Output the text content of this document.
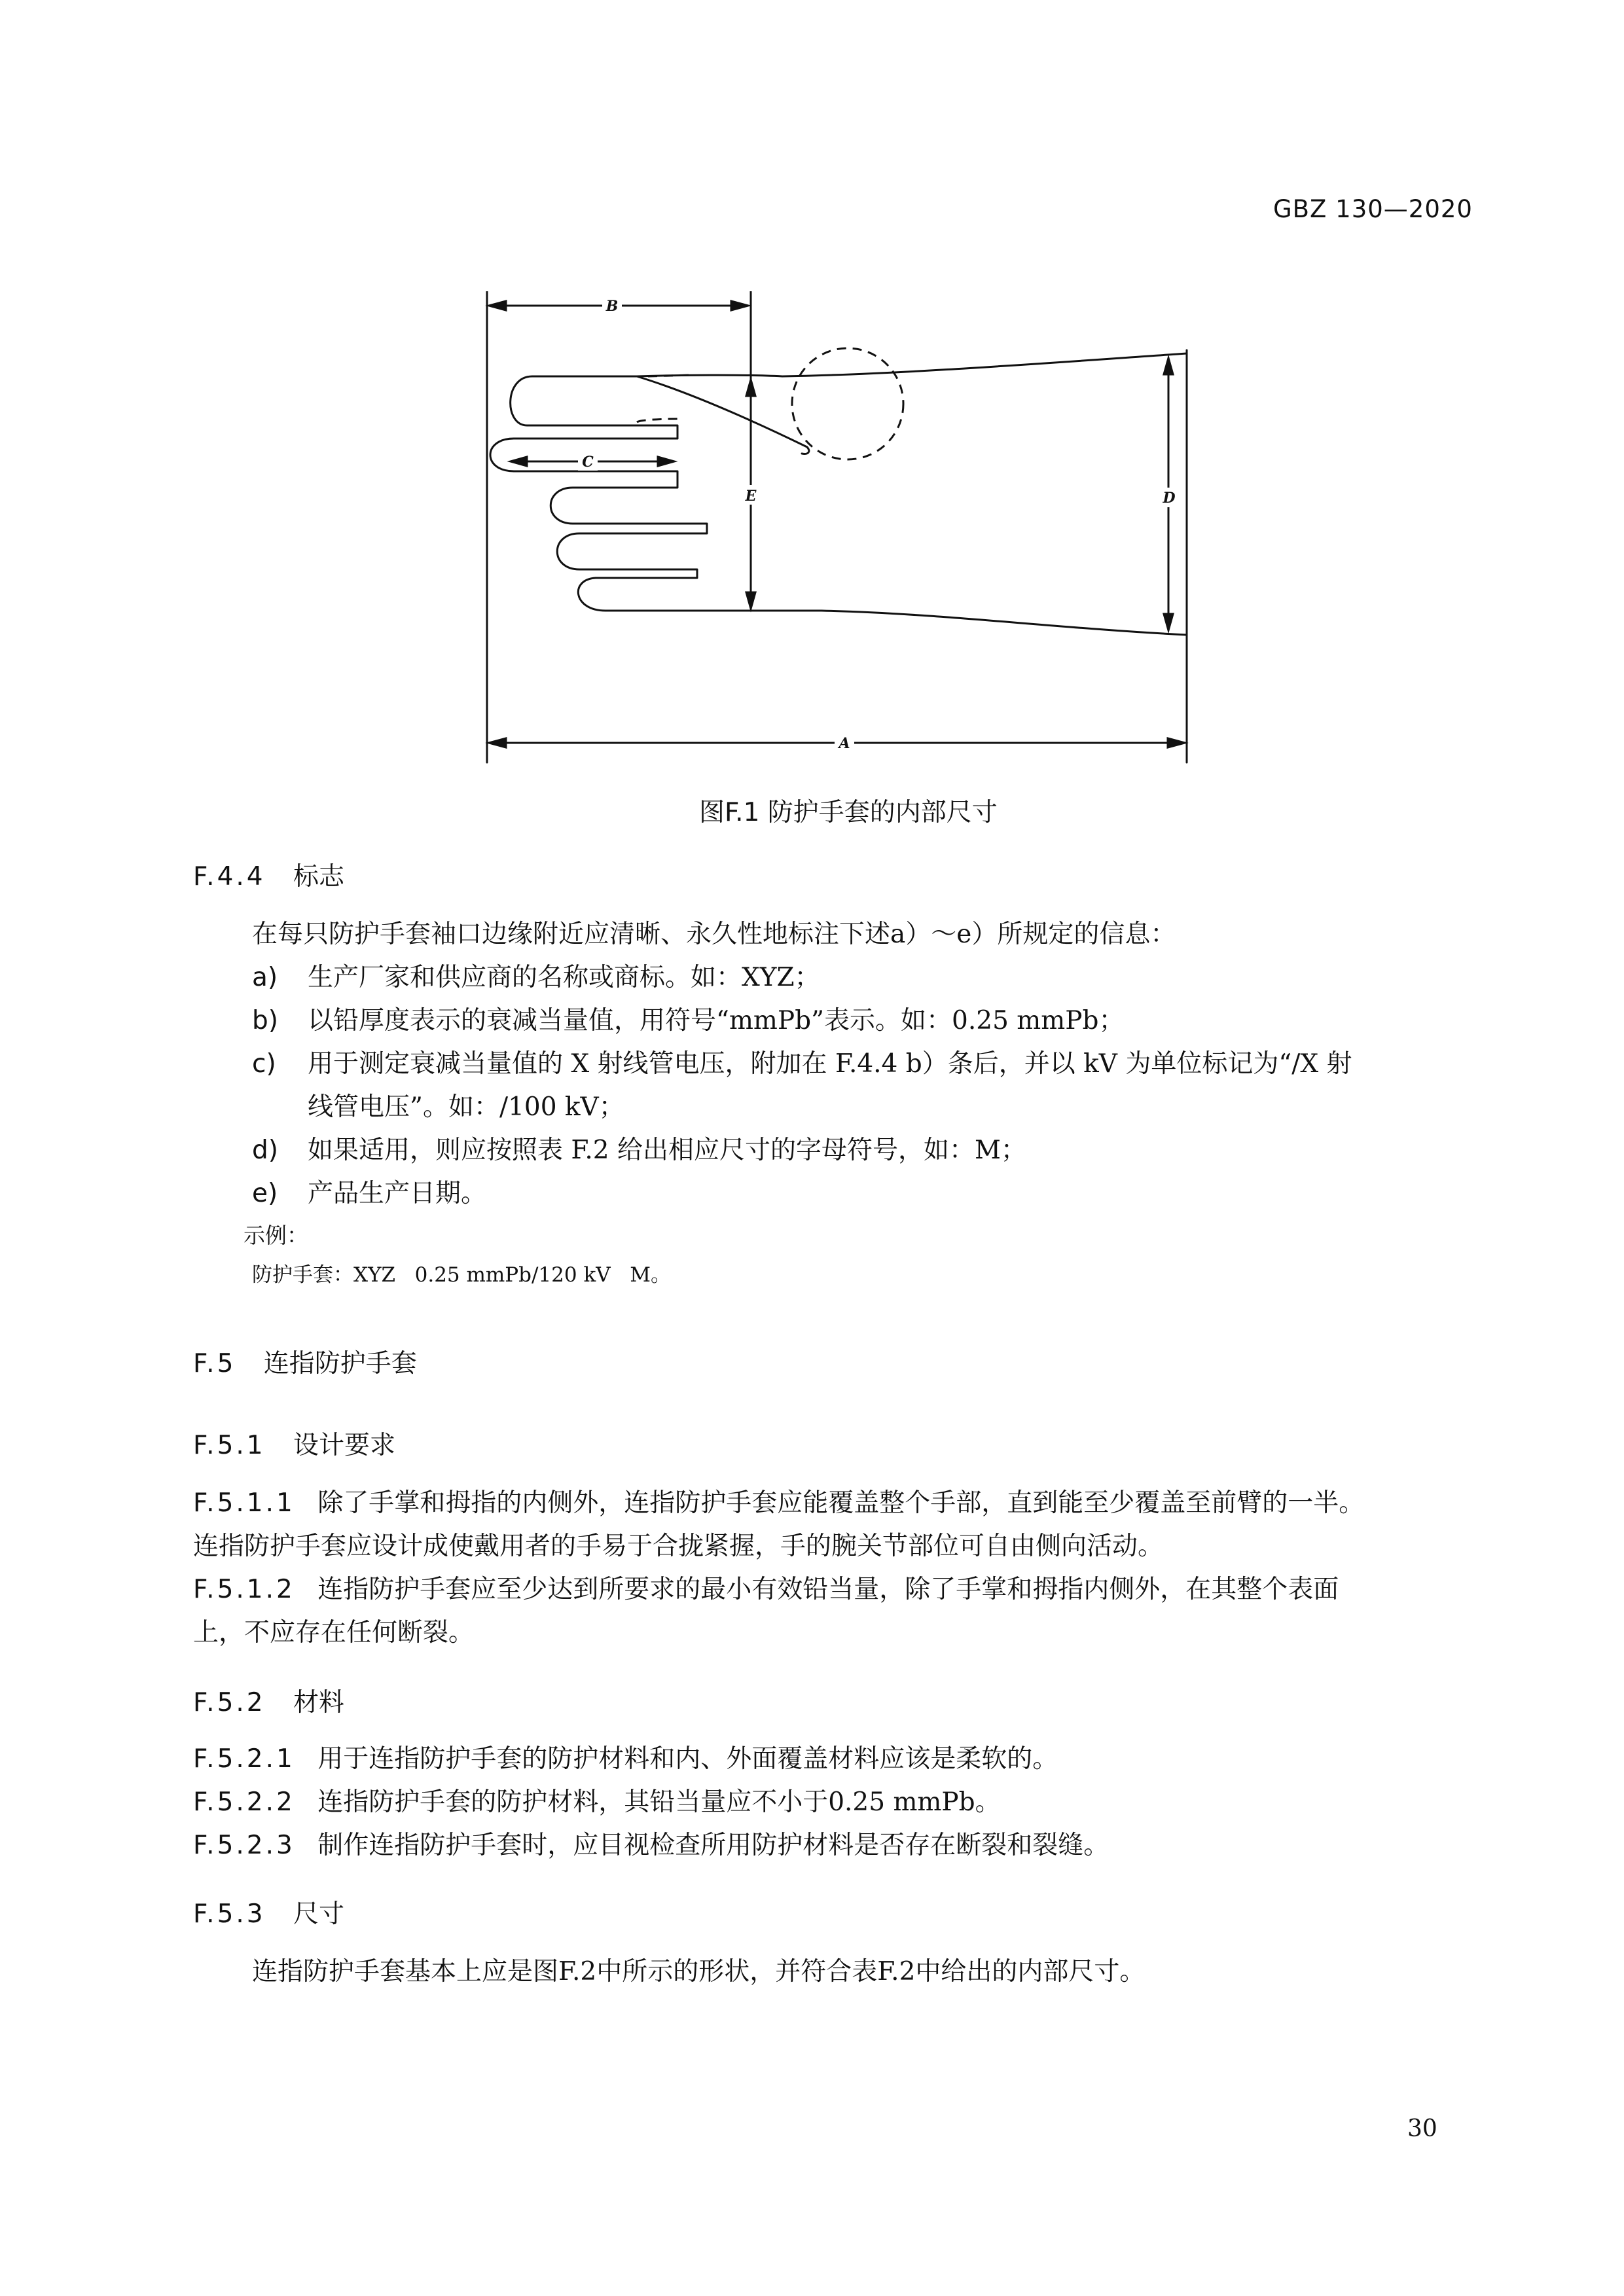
GBZ 130—2020
B
C
E	D
A
图F.1 防护手套的内部尺寸
F.4.4 标志
在每只防护手套袖口边缘附近应清晰、永久性地标注下述a）～e）所规定的信息：
a) 生产厂家和供应商的名称或商标。如：XYZ；
b) 以铅厚度表示的衰减当量值，用符号“mmPb”表示。如：0.25 mmPb；
c) 用于测定衰减当量值的 X 射线管电压，附加在 F.4.4 b）条后，并以 kV 为单位标记为“/X 射
线管电压”。如：/100 kV；
d) 如果适用，则应按照表 F.2 给出相应尺寸的字母符号，如：M；
e) 产品生产日期。
示例：
防护手套：XYZ   0.25 mmPb/120 kV   M。
F.5 连指防护手套
F.5.1 设计要求
F.5.1.1 除了手掌和拇指的内侧外，连指防护手套应能覆盖整个手部，直到能至少覆盖至前臂的一半。
连指防护手套应设计成使戴用者的手易于合拢紧握，手的腕关节部位可自由侧向活动。
F.5.1.2 连指防护手套应至少达到所要求的最小有效铅当量，除了手掌和拇指内侧外，在其整个表面
上，不应存在任何断裂。
F.5.2 材料
F.5.2.1 用于连指防护手套的防护材料和内、外面覆盖材料应该是柔软的。
F.5.2.2 连指防护手套的防护材料，其铅当量应不小于0.25 mmPb。
F.5.2.3 制作连指防护手套时，应目视检查所用防护材料是否存在断裂和裂缝。
F.5.3 尺寸
连指防护手套基本上应是图F.2中所示的形状，并符合表F.2中给出的内部尺寸。
30
